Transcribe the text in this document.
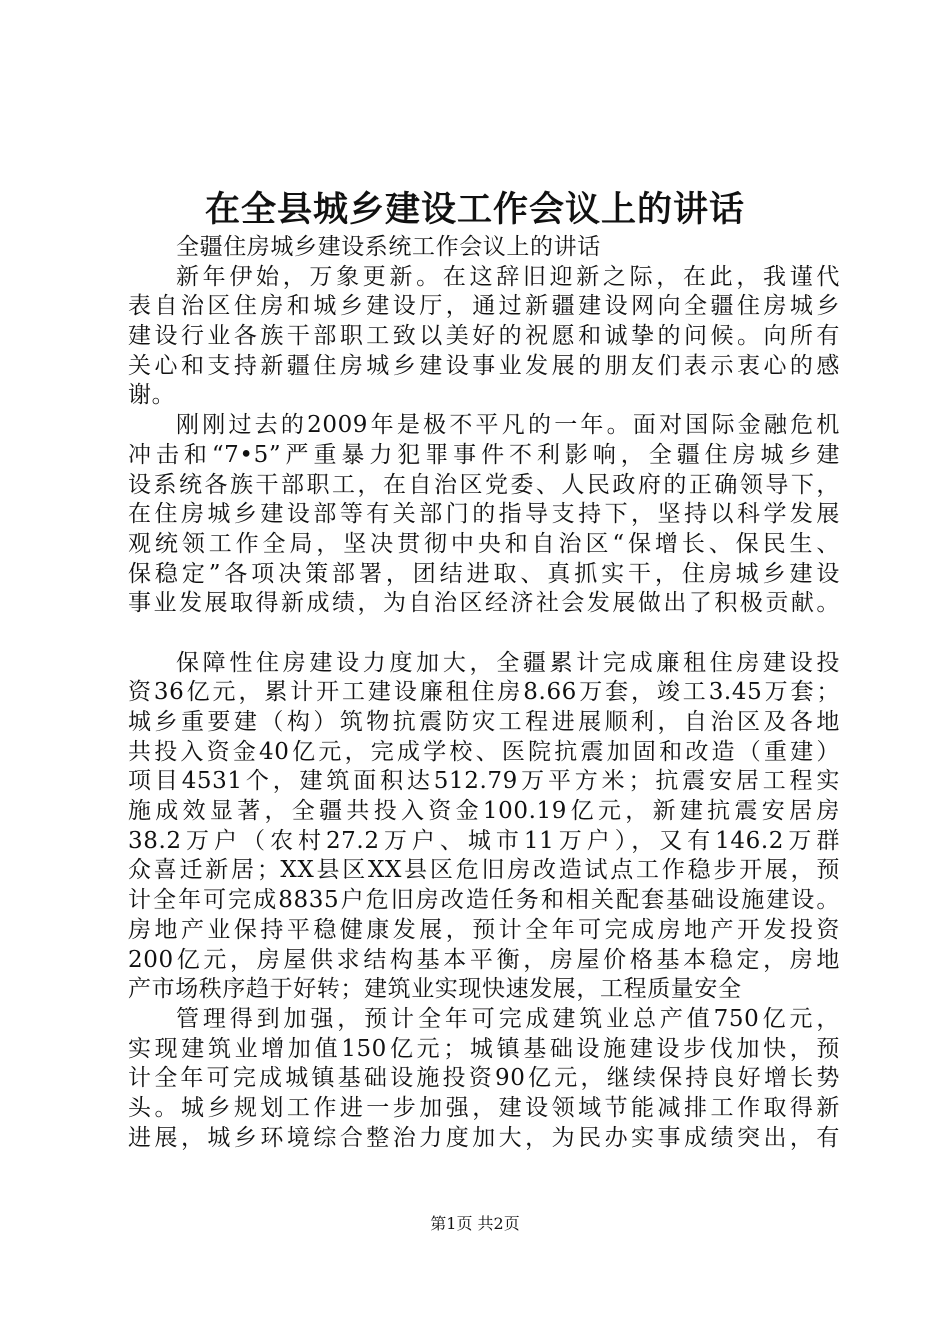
在全县城乡建设工作会议上的讲话
全疆住房城乡建设系统工作会议上的讲话
新年伊始，万象更新。在这辞旧迎新之际，在此，我谨代
表自治区住房和城乡建设厅，通过新疆建设网向全疆住房城乡
建设行业各族干部职工致以美好的祝愿和诚挚的问候。向所有
关心和支持新疆住房城乡建设事业发展的朋友们表示衷心的感
谢。
刚刚过去的2009年是极不平凡的一年。面对国际金融危机
冲击和“7•5”严重暴力犯罪事件不利影响，全疆住房城乡建
设系统各族干部职工，在自治区党委、人民政府的正确领导下，
在住房城乡建设部等有关部门的指导支持下，坚持以科学发展
观统领工作全局，坚决贯彻中央和自治区“保增长、保民生、
保稳定”各项决策部署，团结进取、真抓实干，住房城乡建设
事业发展取得新成绩，为自治区经济社会发展做出了积极贡献。
保障性住房建设力度加大，全疆累计完成廉租住房建设投
资36亿元，累计开工建设廉租住房8.66万套，竣工3.45万套；
城乡重要建（构）筑物抗震防灾工程进展顺利，自治区及各地
共投入资金40亿元，完成学校、医院抗震加固和改造（重建）
项目4531个，建筑面积达512.79万平方米；抗震安居工程实
施成效显著，全疆共投入资金100.19亿元，新建抗震安居房
38.2万户（农村27.2万户、城市11万户），又有146.2万群
众喜迁新居；XX县区XX县区危旧房改造试点工作稳步开展，预
计全年可完成8835户危旧房改造任务和相关配套基础设施建设。
房地产业保持平稳健康发展，预计全年可完成房地产开发投资
200亿元，房屋供求结构基本平衡，房屋价格基本稳定，房地
产市场秩序趋于好转；建筑业实现快速发展，工程质量安全
管理得到加强，预计全年可完成建筑业总产值750亿元，
实现建筑业增加值150亿元；城镇基础设施建设步伐加快，预
计全年可完成城镇基础设施投资90亿元，继续保持良好增长势
头。城乡规划工作进一步加强，建设领域节能减排工作取得新
进展，城乡环境综合整治力度加大，为民办实事成绩突出，有
第1页 共2页
